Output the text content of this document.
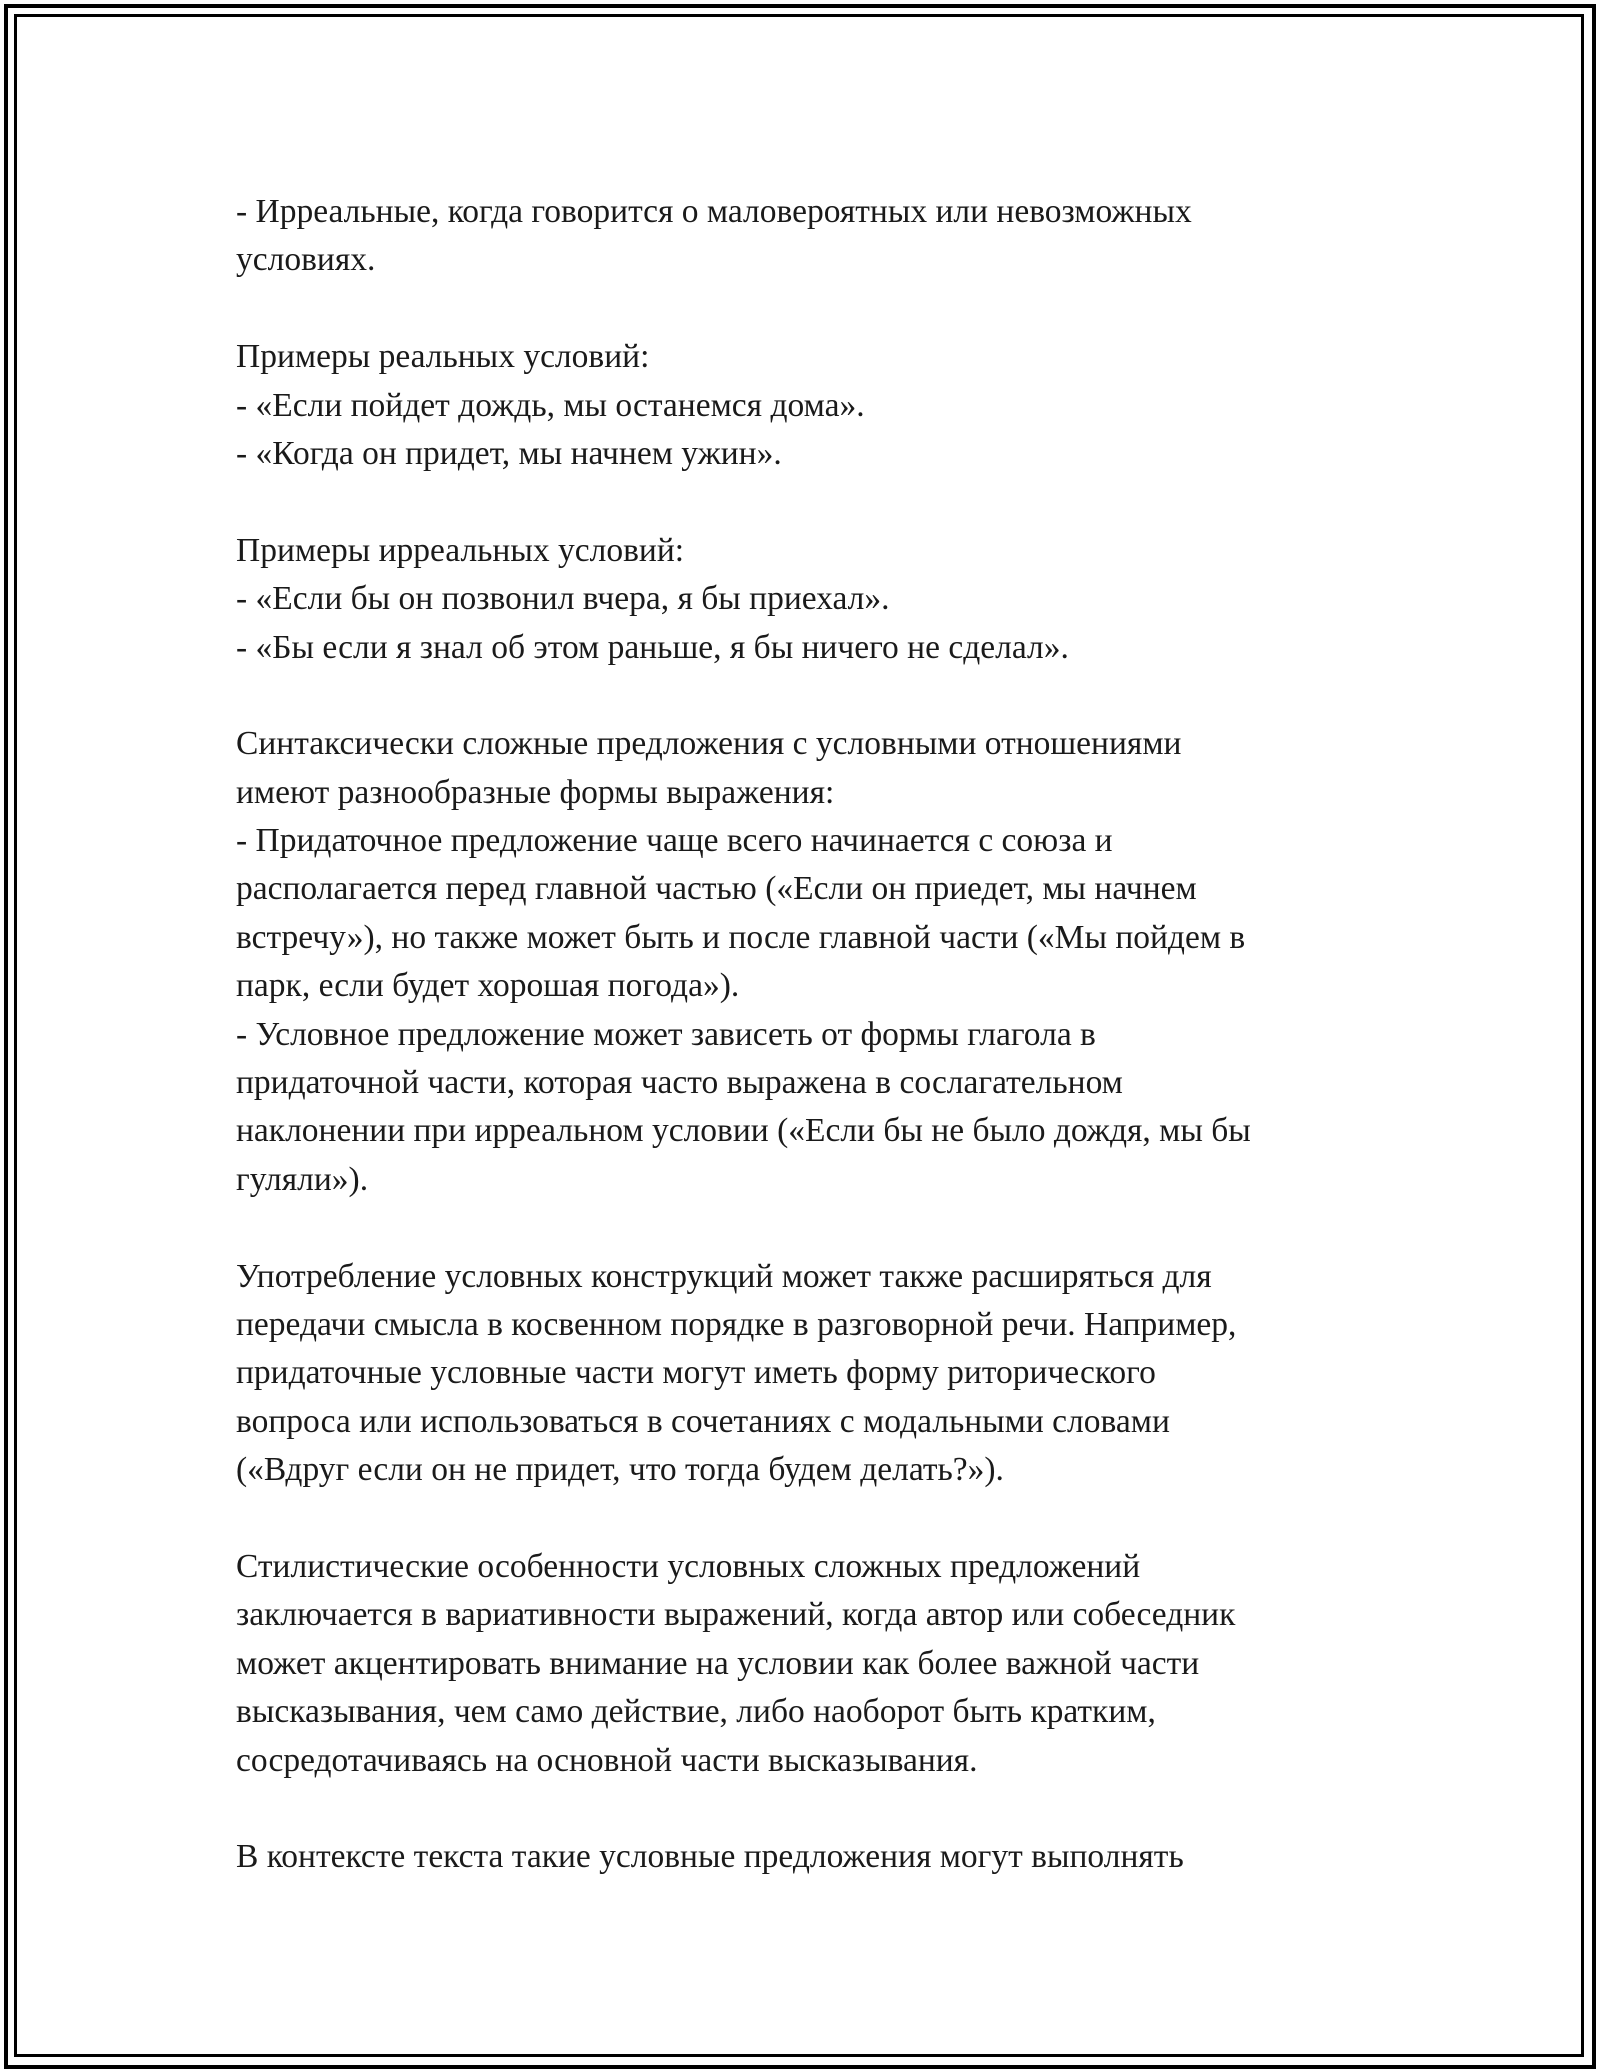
- Ирреальные, когда говорится о маловероятных или невозможных
условиях.
Примеры реальных условий:
- «Если пойдет дождь, мы останемся дома».
- «Когда он придет, мы начнем ужин».
Примеры ирреальных условий:
- «Если бы он позвонил вчера, я бы приехал».
- «Бы если я знал об этом раньше, я бы ничего не сделал».
Синтаксически сложные предложения с условными отношениями
имеют разнообразные формы выражения:
- Придаточное предложение чаще всего начинается с союза и
располагается перед главной частью («Если он приедет, мы начнем
встречу»), но также может быть и после главной части («Мы пойдем в
парк, если будет хорошая погода»).
- Условное предложение может зависеть от формы глагола в
придаточной части, которая часто выражена в сослагательном
наклонении при ирреальном условии («Если бы не было дождя, мы бы
гуляли»).
Употребление условных конструкций может также расширяться для
передачи смысла в косвенном порядке в разговорной речи. Например,
придаточные условные части могут иметь форму риторического
вопроса или использоваться в сочетаниях с модальными словами
(«Вдруг если он не придет, что тогда будем делать?»).
Стилистические особенности условных сложных предложений
заключается в вариативности выражений, когда автор или собеседник
может акцентировать внимание на условии как более важной части
высказывания, чем само действие, либо наоборот быть кратким,
сосредотачиваясь на основной части высказывания.
В контексте текста такие условные предложения могут выполнять
